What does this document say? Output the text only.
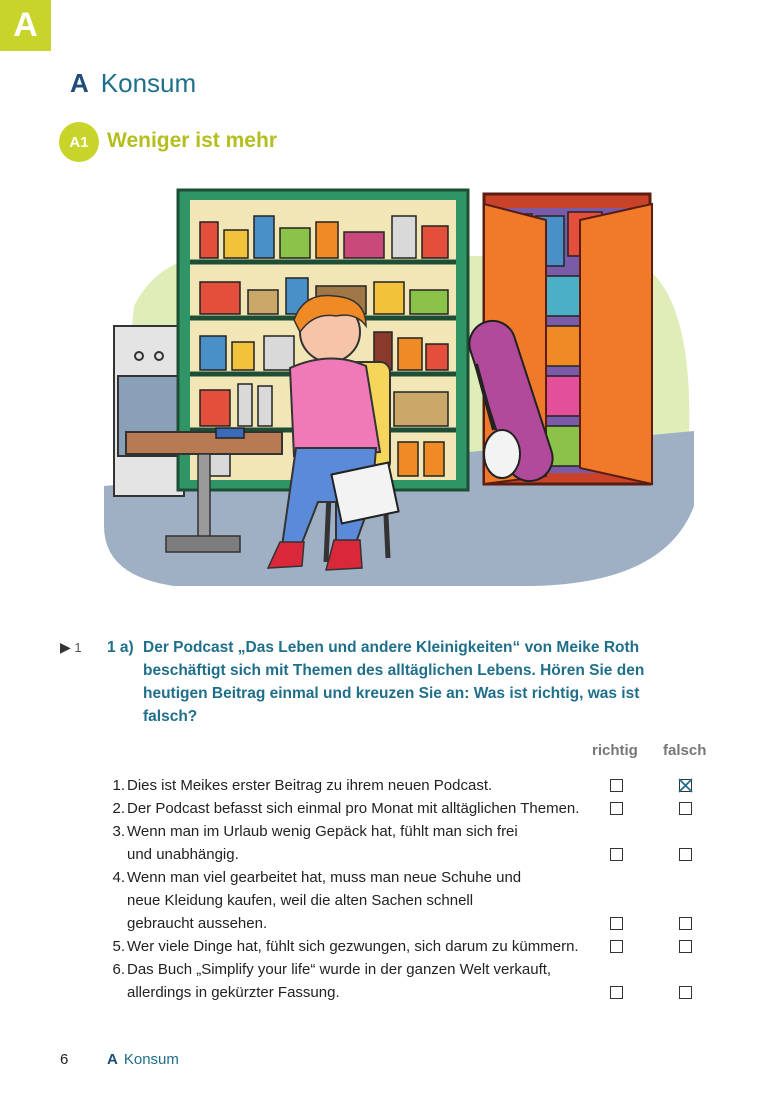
A
A Konsum
A1 Weniger ist mehr
▶ 1 1 a) Der Podcast „Das Leben und andere Kleinigkeiten“ von Meike Roth beschäftigt sich mit Themen des alltäglichen Lebens. Hören Sie den heutigen Beitrag einmal und kreuzen Sie an: Was ist richtig, was ist falsch?
richtig falsch
1. Dies ist Meikes erster Beitrag zu ihrem neuen Podcast.
2. Der Podcast befasst sich einmal pro Monat mit alltäglichen Themen.
3. Wenn man im Urlaub wenig Gepäck hat, fühlt man sich frei und unabhängig.
4. Wenn man viel gearbeitet hat, muss man neue Schuhe und neue Kleidung kaufen, weil die alten Sachen schnell gebraucht aussehen.
5. Wer viele Dinge hat, fühlt sich gezwungen, sich darum zu kümmern.
6. Das Buch „Simplify your life“ wurde in der ganzen Welt verkauft, allerdings in gekürzter Fassung.
6	A Konsum
